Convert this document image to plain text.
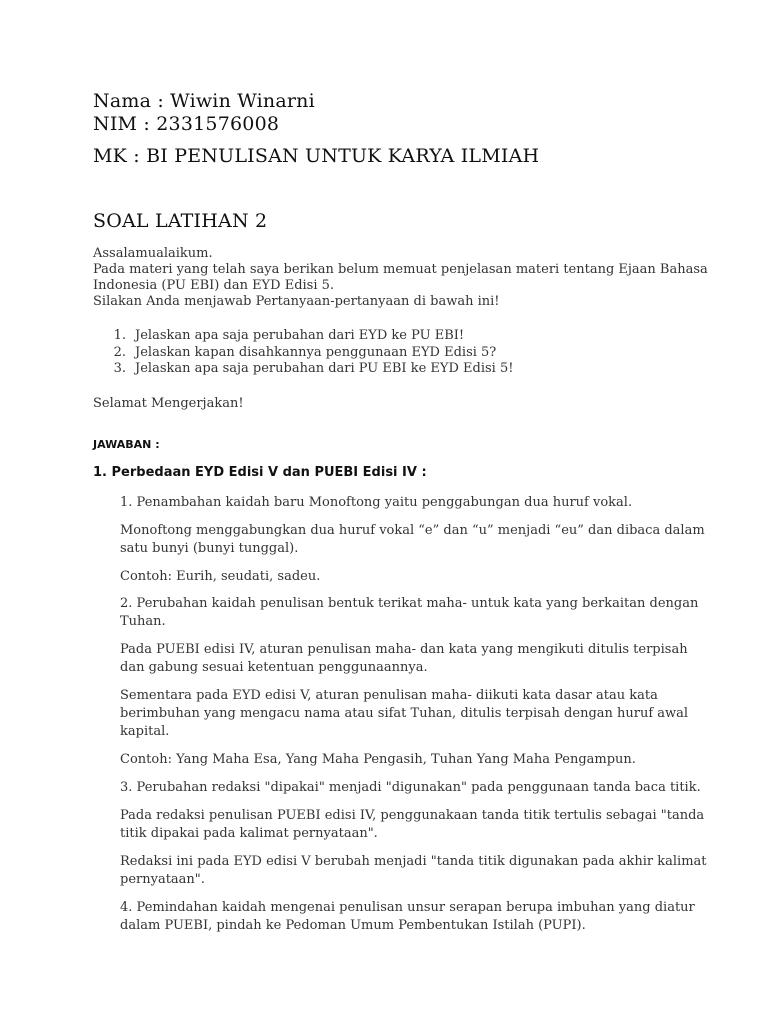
Nama : Wiwin Winarni

NIM : 2331576008

MK : BI PENULISAN UNTUK KARYA ILMIAH

SOAL LATIHAN 2

Assalamualaikum.

Pada materi yang telah saya berikan belum memuat penjelasan materi tentang Ejaan Bahasa

Indonesia (PU EBI) dan EYD Edisi 5.

Silakan Anda menjawab Pertanyaan-pertanyaan di bawah ini!

1. Jelaskan apa saja perubahan dari EYD ke PU EBI!
2. Jelaskan kapan disahkannya penggunaan EYD Edisi 5?
3. Jelaskan apa saja perubahan dari PU EBI ke EYD Edisi 5!

Selamat Mengerjakan!

JAWABAN :

1. Perbedaan EYD Edisi V dan PUEBI Edisi IV :

1. Penambahan kaidah baru Monoftong yaitu penggabungan dua huruf vokal.

Monoftong menggabungkan dua huruf vokal “e” dan “u” menjadi “eu” dan dibaca dalam

satu bunyi (bunyi tunggal).

Contoh: Eurih, seudati, sadeu.

2. Perubahan kaidah penulisan bentuk terikat maha- untuk kata yang berkaitan dengan

Tuhan.

Pada PUEBI edisi IV, aturan penulisan maha- dan kata yang mengikuti ditulis terpisah

dan gabung sesuai ketentuan penggunaannya.

Sementara pada EYD edisi V, aturan penulisan maha- diikuti kata dasar atau kata

berimbuhan yang mengacu nama atau sifat Tuhan, ditulis terpisah dengan huruf awal

kapital.

Contoh: Yang Maha Esa, Yang Maha Pengasih, Tuhan Yang Maha Pengampun.

3. Perubahan redaksi "dipakai" menjadi "digunakan" pada penggunaan tanda baca titik.

Pada redaksi penulisan PUEBI edisi IV, penggunakaan tanda titik tertulis sebagai "tanda

titik dipakai pada kalimat pernyataan".

Redaksi ini pada EYD edisi V berubah menjadi "tanda titik digunakan pada akhir kalimat

pernyataan".

4. Pemindahan kaidah mengenai penulisan unsur serapan berupa imbuhan yang diatur

dalam PUEBI, pindah ke Pedoman Umum Pembentukan Istilah (PUPI).
